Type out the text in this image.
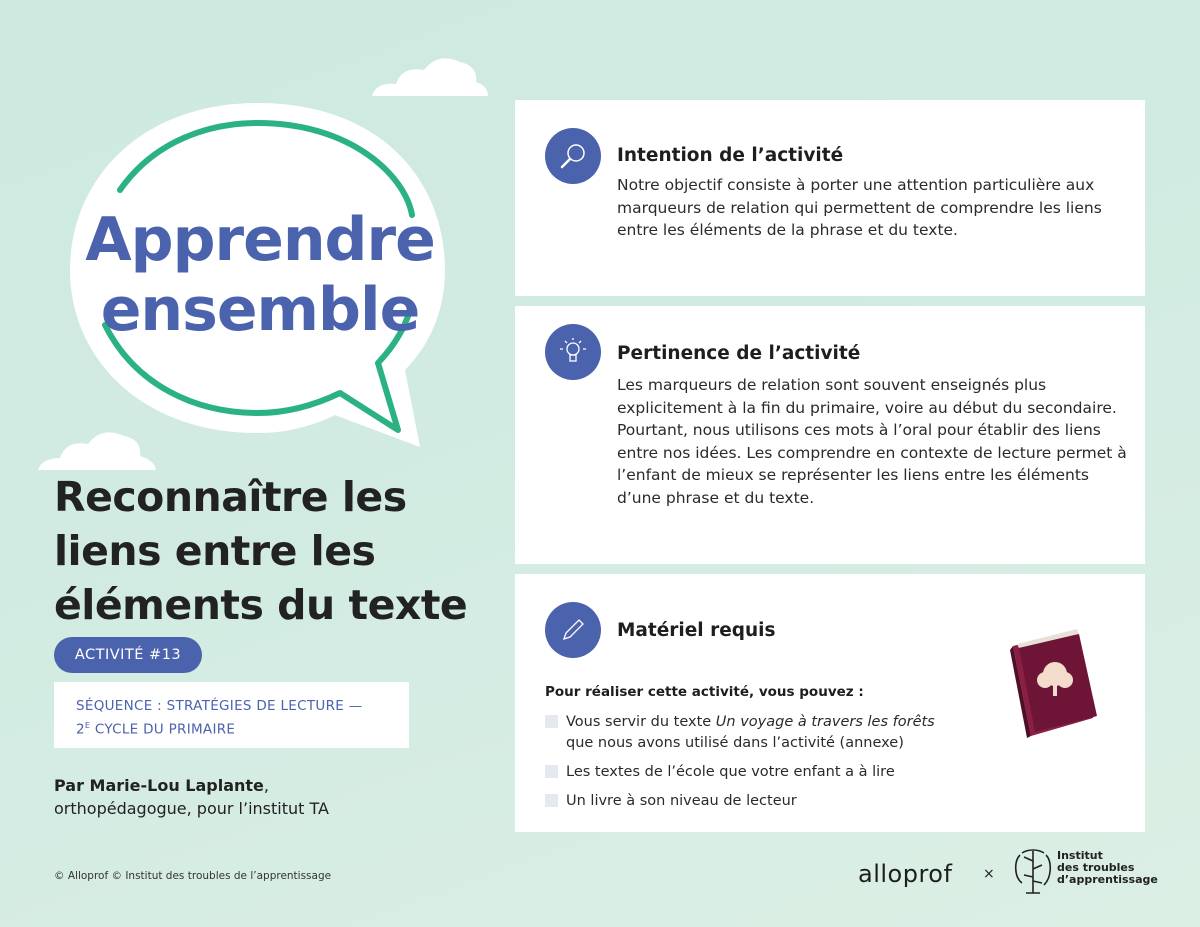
Apprendre
ensemble
Reconnaître les
liens entre les
éléments du texte
ACTIVITÉ #13
SÉQUENCE : STRATÉGIES DE LECTURE —
$2^E$ CYCLE DU PRIMAIRE
Par Marie-Lou Laplante,
orthopédagogue, pour l’institut TA
© Alloprof © Institut des troubles de l’apprentissage
Intention de l’activité

Notre objectif consiste à porter une attention particulière aux marqueurs de relation qui permettent de comprendre les liens entre les éléments de la phrase et du texte.

Pertinence de l’activité

Les marqueurs de relation sont souvent enseignés plus explicitement à la fin du primaire, voire au début du secondaire. Pourtant, nous utilisons ces mots à l’oral pour établir des liens entre nos idées. Les comprendre en contexte de lecture permet à l’enfant de mieux se représenter les liens entre les éléments d’une phrase et du texte.

Matériel requis
Pour réaliser cette activité, vous pouvez :
Vous servir du texte Un voyage à travers les forêts que nous avons utilisé dans l’activité (annexe)
Les textes de l’école que votre enfant a à lire
Un livre à son niveau de lecteur
alloprof ×
Institut
des troubles
d’apprentissage
